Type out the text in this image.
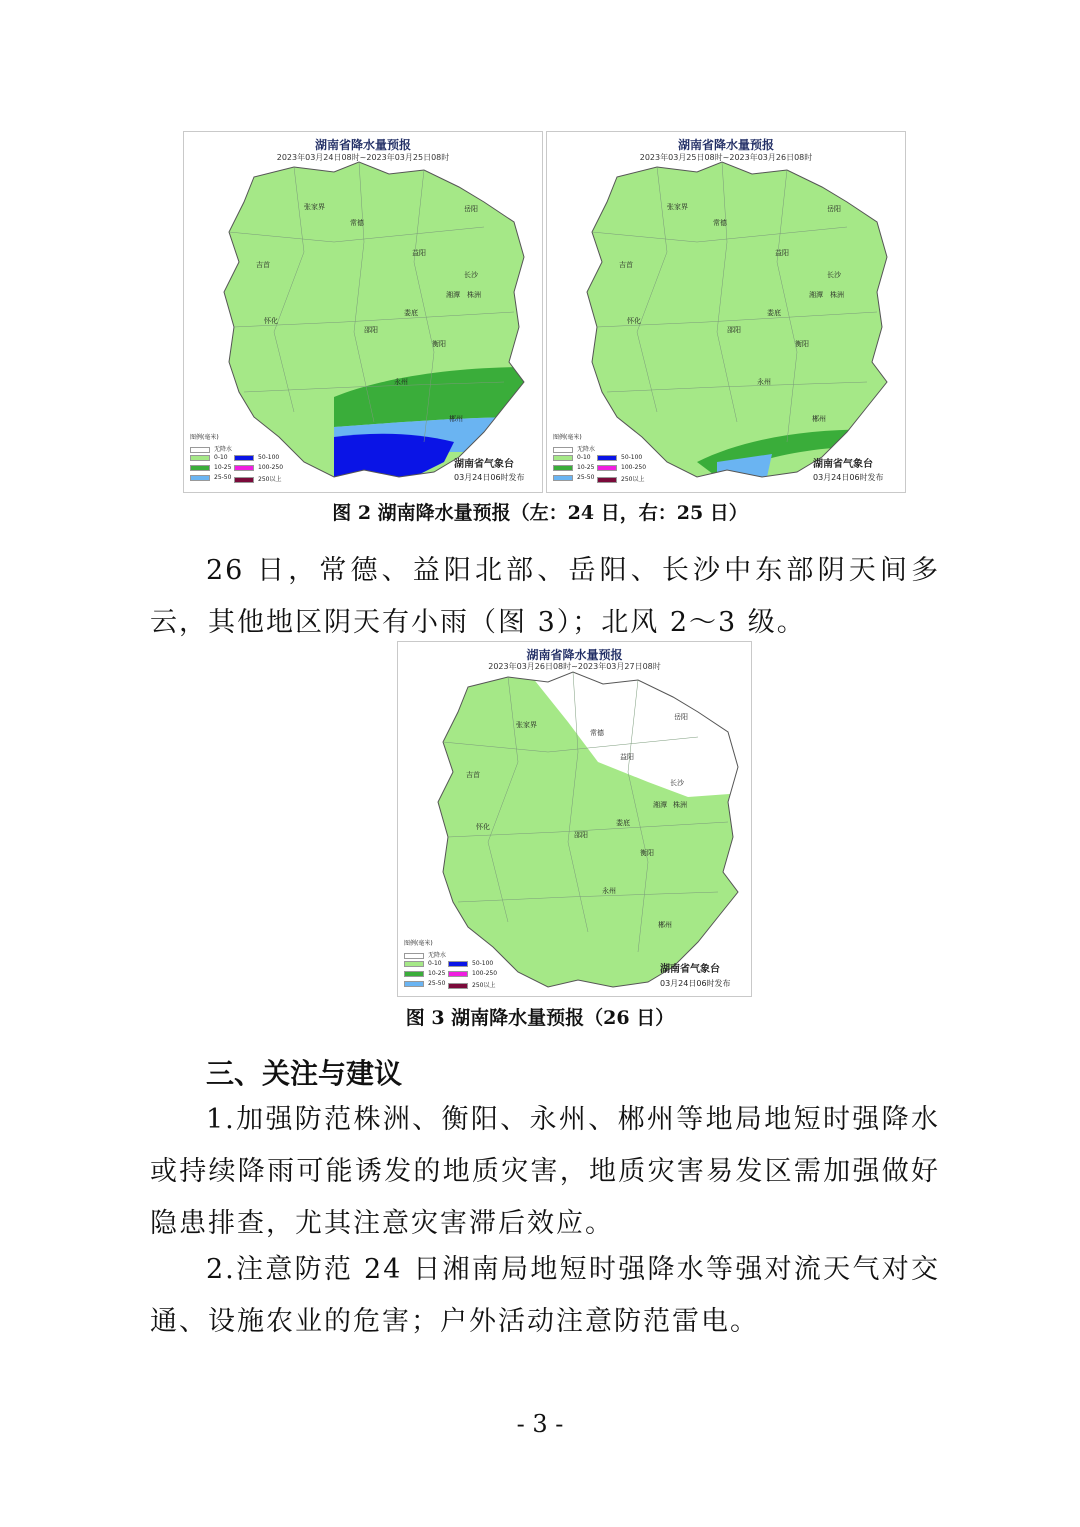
湖南省降水量预报
2023年03月24日08时~2023年03月25日08时
岳阳
张家界
常德
益阳
长沙
吉首
湘潭 株洲
怀化
娄底
邵阳
衡阳
永州
郴州
图例(毫米)
无降水
0-10
10-25
25-50
50-100
100-250
250以上
湖南省气象台
03月24日06时发布
湖南省降水量预报
2023年03月25日08时~2023年03月26日08时
岳阳
张家界
常德
益阳
长沙
吉首
湘潭 株洲
怀化
娄底
邵阳
衡阳
永州
郴州
图例(毫米)
无降水
0-10
10-25
25-50
50-100
100-250
250以上
湖南省气象台
03月24日06时发布
图 2 湖南降水量预报（左：24 日，右：25 日）
26 日，常德、益阳北部、岳阳、长沙中东部阴天间多云，其他地区阴天有小雨（图 3）；北风 2～3 级。
湖南省降水量预报
2023年03月26日08时~2023年03月27日08时
岳阳
张家界
常德
益阳
长沙
吉首
湘潭 株洲
怀化	娄底
邵阳
衡阳
永州
郴州
图例(毫米)
无降水
0-10
10-25
25-50
50-100
100-250
250以上
湖南省气象台
03月24日06时发布
图 3 湖南降水量预报（26 日）
三、关注与建议
1.加强防范株洲、衡阳、永州、郴州等地局地短时强降水或持续降雨可能诱发的地质灾害，地质灾害易发区需加强做好隐患排查，尤其注意灾害滞后效应。
2.注意防范 24 日湘南局地短时强降水等强对流天气对交通、设施农业的危害；户外活动注意防范雷电。
- 3 -
